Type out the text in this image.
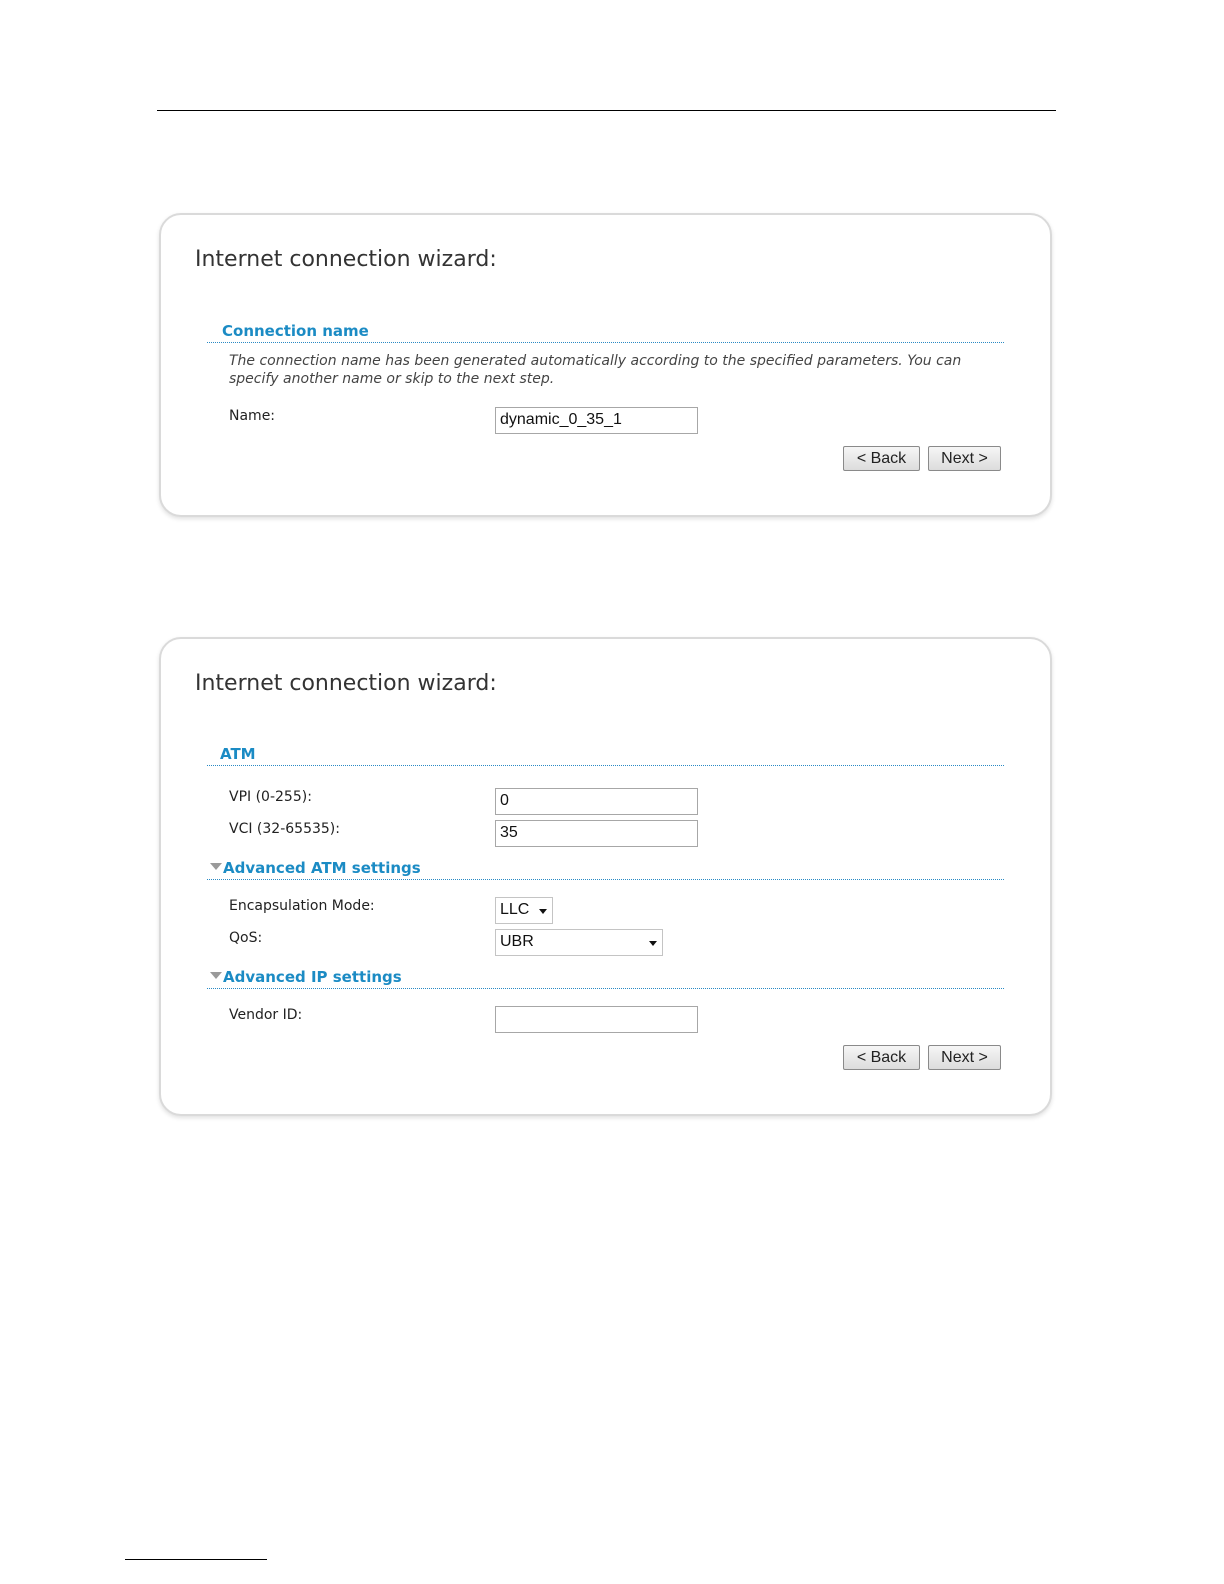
Internet connection wizard:
Connection name
The connection name has been generated automatically according to the specified parameters. You can specify another name or skip to the next step.
Name:	dynamic_0_35_1
< Back	Next >
Internet connection wizard:
ATM
VPI (0-255):	0
VCI (32-65535):	35
Advanced ATM settings
Encapsulation Mode:	LLC
QoS:	UBR
Advanced IP settings
Vendor ID:
< Back	Next >
